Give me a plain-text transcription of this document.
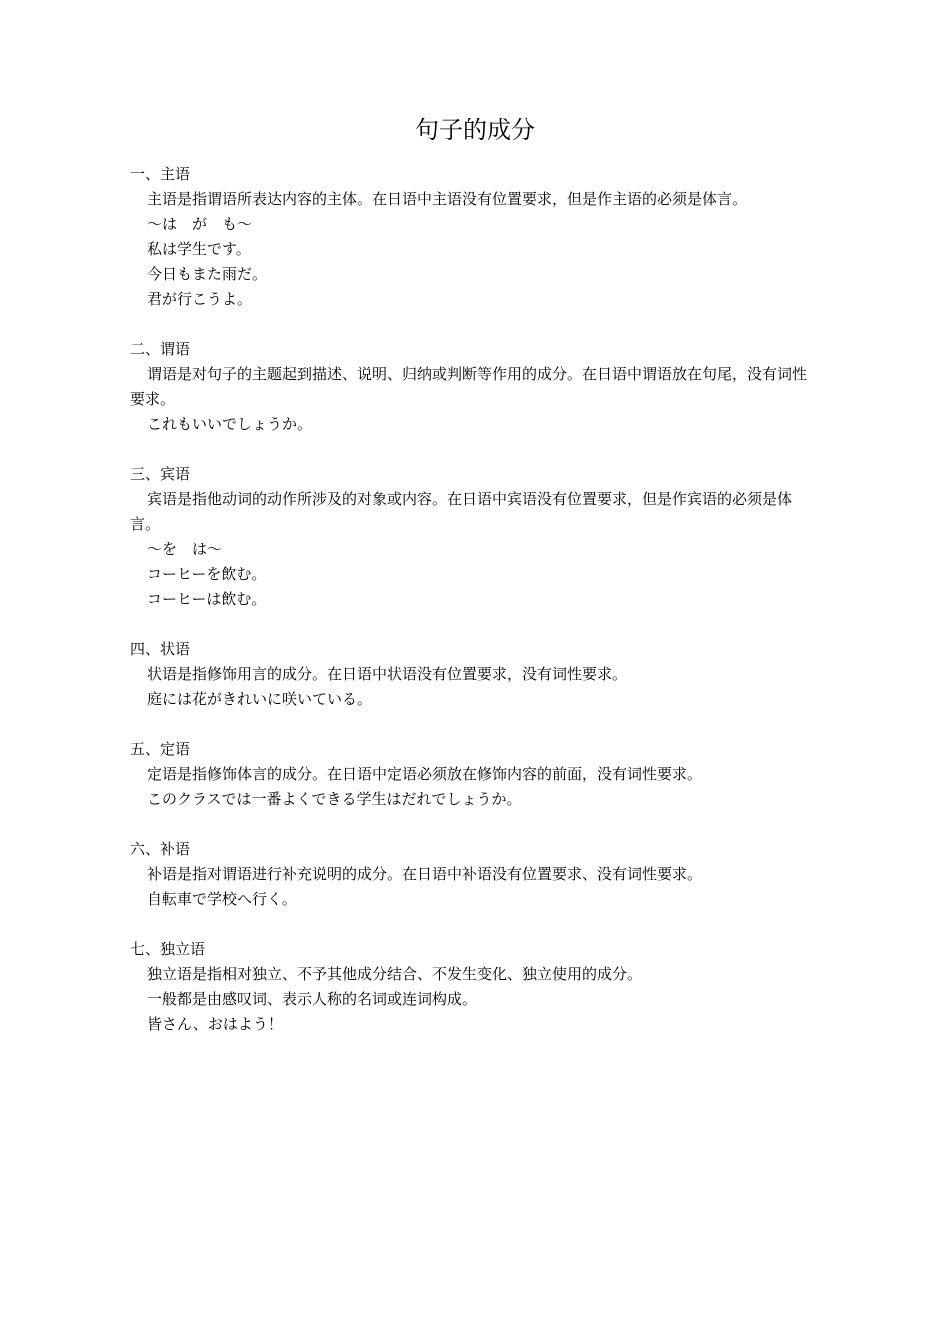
句子的成分
一、主语
主语是指谓语所表达内容的主体。在日语中主语没有位置要求，但是作主语的必须是体言。
～は　が　も～
私は学生です。
今日もまた雨だ。
君が行こうよ。
二、谓语
谓语是对句子的主题起到描述、说明、归纳或判断等作用的成分。在日语中谓语放在句尾，没有词性要求。
これもいいでしょうか。
三、宾语
宾语是指他动词的动作所涉及的对象或内容。在日语中宾语没有位置要求，但是作宾语的必须是体言。
～を　は～
コーヒーを飲む。
コーヒーは飲む。
四、状语
状语是指修饰用言的成分。在日语中状语没有位置要求，没有词性要求。
庭には花がきれいに咲いている。
五、定语
定语是指修饰体言的成分。在日语中定语必须放在修饰内容的前面，没有词性要求。
このクラスでは一番よくできる学生はだれでしょうか。
六、补语
补语是指对谓语进行补充说明的成分。在日语中补语没有位置要求、没有词性要求。
自転車で学校へ行く。
七、独立语
独立语是指相对独立、不予其他成分结合、不发生变化、独立使用的成分。
一般都是由感叹词、表示人称的名词或连词构成。
皆さん、おはよう！
